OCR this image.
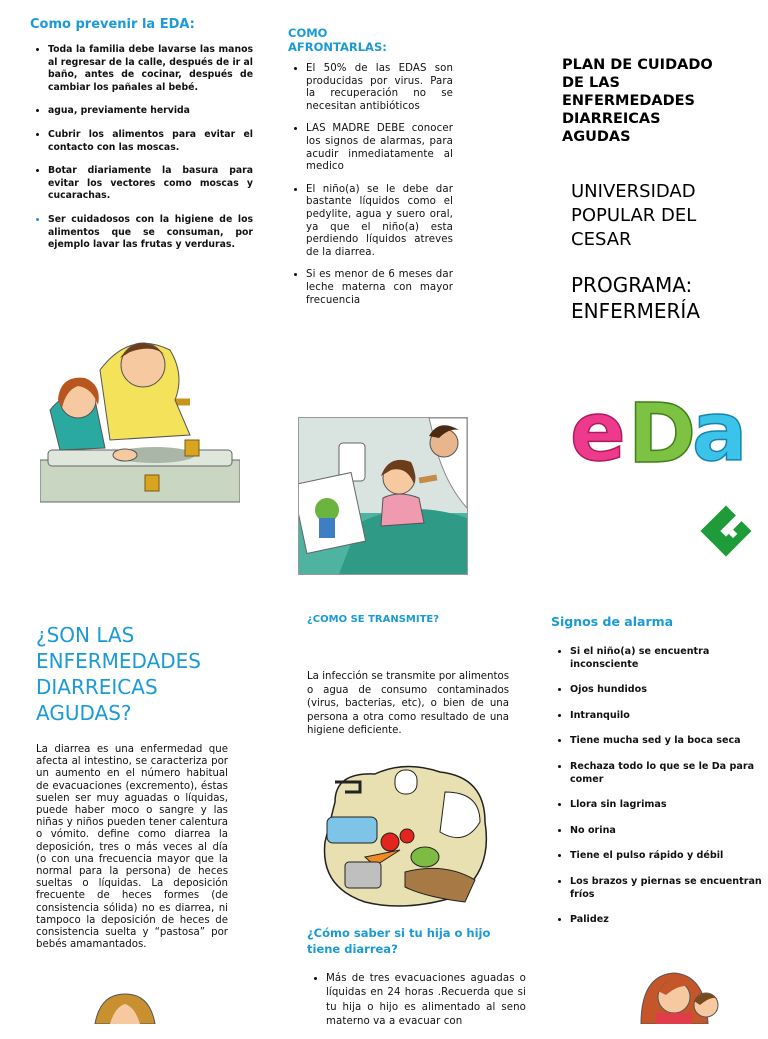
Como prevenir la EDA:
• Toda la familia debe lavarse las manos al regresar de la calle, después de ir al baño, antes de cocinar, después de cambiar los pañales al bebé.
• agua, previamente hervida
• Cubrir los alimentos para evitar el contacto con las moscas.
• Botar diariamente la basura para evitar los vectores como moscas y cucarachas.
• Ser cuidadosos con la higiene de los alimentos que se consuman, por ejemplo lavar las frutas y verduras.
COMO AFRONTARLAS:
• El 50% de las EDAS son producidas por virus. Para la recuperación no se necesitan antibióticos
• LAS MADRE DEBE conocer los signos de alarmas, para acudir inmediatamente al medico
• El niño(a) se le debe dar bastante líquidos como el pedylite, agua y suero oral, ya que el niño(a) esta perdiendo líquidos atreves de la diarrea.
• Si es menor de 6 meses dar leche materna con mayor frecuencia
PLAN DE CUIDADO DE LAS ENFERMEDADES DIARREICAS AGUDAS
UNIVERSIDAD POPULAR DEL CESAR
PROGRAMA: ENFERMERÍA
e D
a
¿SON LAS ENFERMEDADES DIARREICAS AGUDAS?
La diarrea es una enfermedad que afecta al intestino, se caracteriza por un aumento en el número habitual de evacuaciones (excremento), éstas suelen ser muy aguadas o líquidas, puede haber moco o sangre y las niñas y niños pueden tener calentura o vómito. define como diarrea la deposición, tres o más veces al día (o con una frecuencia mayor que la normal para la persona) de heces sueltas o líquidas. La deposición frecuente de heces formes (de consistencia sólida) no es diarrea, ni tampoco la deposición de heces de consistencia suelta y “pastosa” por bebés amamantados.
¿COMO SE TRANSMITE?
La infección se transmite por alimentos o agua de consumo contaminados (virus, bacterias, etc), o bien de una persona a otra como resultado de una higiene deficiente.
¿Cómo saber si tu hija o hijo tiene diarrea?
• Más de tres evacuaciones aguadas o líquidas en 24 horas .Recuerda que si tu hija o hijo es alimentado al seno materno va a evacuar con
Signos de alarma
• Si el niño(a) se encuentra inconsciente
• Ojos hundidos
• Intranquilo
• Tiene mucha sed y la boca seca
• Rechaza todo lo que se le Da para comer
• Llora sin lagrimas
• No orina
• Tiene el pulso rápido y débil
• Los brazos y piernas se encuentran fríos
• Palidez
